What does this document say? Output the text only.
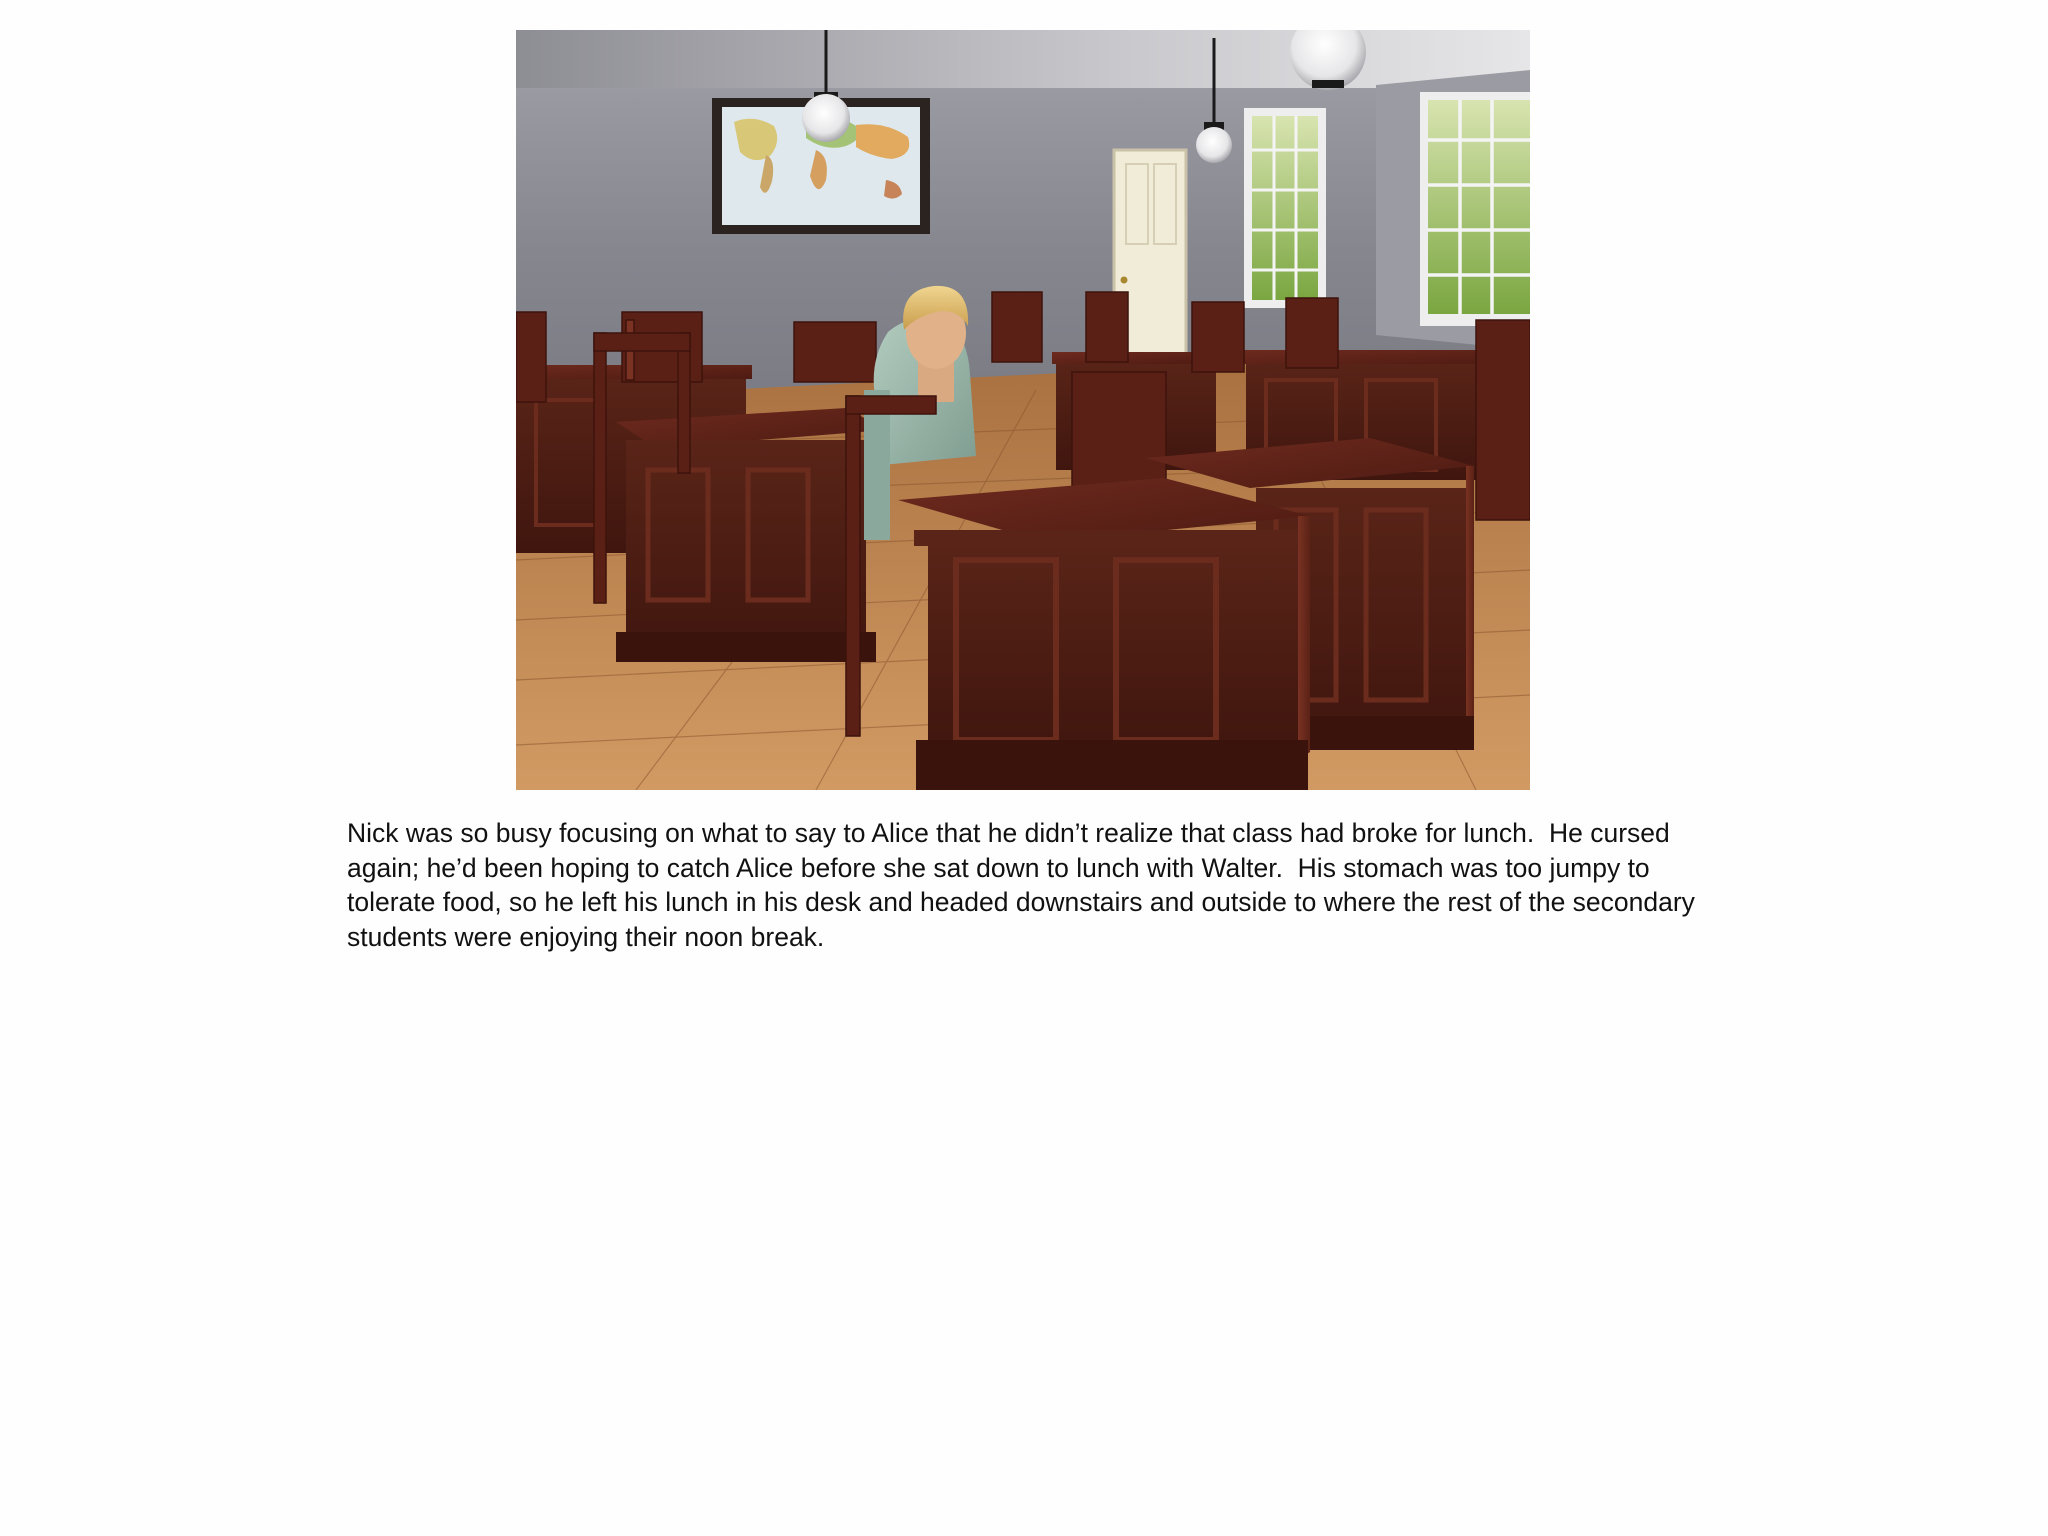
Nick was so busy focusing on what to say to Alice that he didn’t realize that class had broke for lunch.  He cursed again; he’d been hoping to catch Alice before she sat down to lunch with Walter.  His stomach was too jumpy to tolerate food, so he left his lunch in his desk and headed downstairs and outside to where the rest of the secondary students were enjoying their noon break.
